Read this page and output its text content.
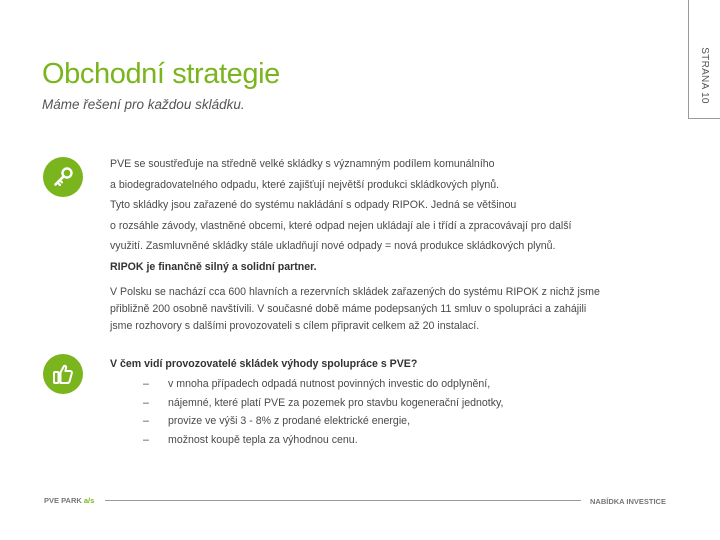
STRANA 10
Obchodní strategie
Máme řešení pro každou skládku.
PVE se soustřeďuje na středně velké skládky s významným podílem komunálního
a biodegradovatelného odpadu, které zajišťují největší produkci skládkových plynů.
Tyto skládky jsou zařazené do systému nakládání s odpady RIPOK. Jedná se většinou
o rozsáhle závody, vlastněné obcemi, které odpad nejen ukládají ale i třídí a zpracovávají pro další
využití. Zasmluvněné skládky stále ukladňují nové odpady = nová produkce skládkových plynů.
RIPOK je finančně silný a solidní partner.
V Polsku se nachází cca 600 hlavních a rezervních skládek zařazených do systému RIPOK z nichž jsme
přibližně 200 osobně navštívili. V současné době máme podepsaných 11 smluv o spolupráci a zahájili
jsme rozhovory s dalšími provozovateli s cílem připravit celkem až 20 instalací.
V čem vidí provozovatelé skládek výhody spolupráce s PVE?
– v mnoha případech odpadá nutnost povinných investic do odplynění,
– nájemné, které platí PVE za pozemek pro stavbu kogenerační jednotky,
– provize ve výši 3 - 8% z prodané elektrické energie,
– možnost koupě tepla za výhodnou cenu.
PVE PARK a/s	NABÍDKA INVESTICE
